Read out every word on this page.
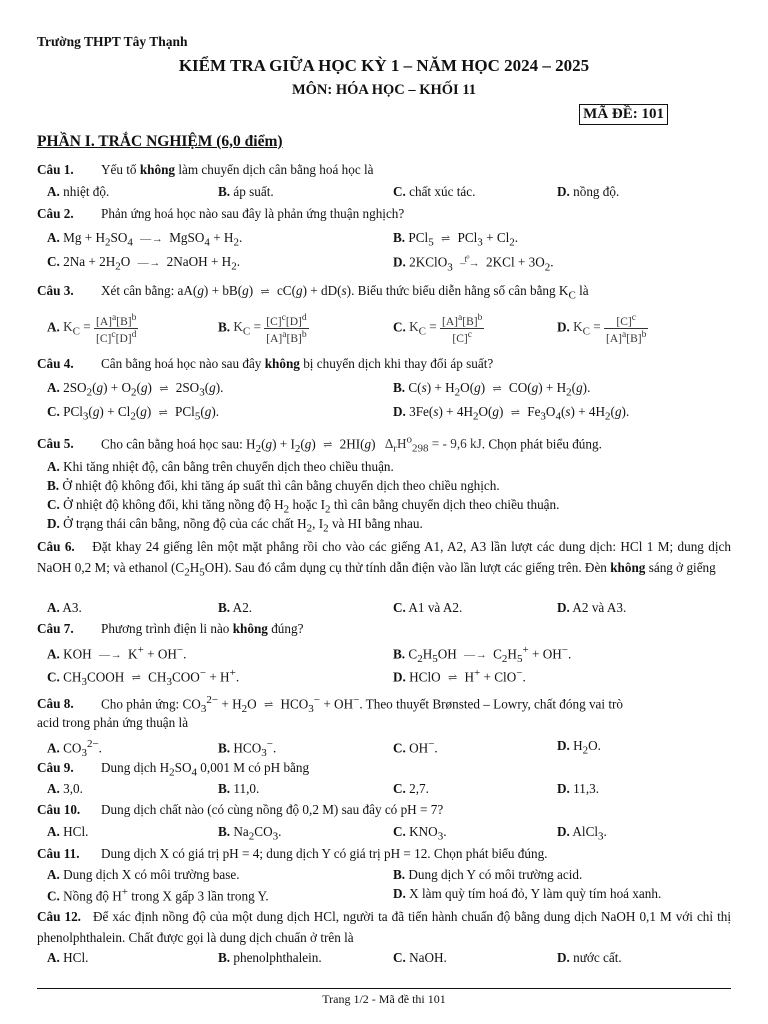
Trường THPT Tây Thạnh
KIỂM TRA GIỮA HỌC KỲ 1 – NĂM HỌC 2024 – 2025
MÔN: HÓA HỌC – KHỐI 11
MÃ ĐỀ: 101
PHẦN I. TRẮC NGHIỆM (6,0 điểm)
Câu 1. Yếu tố không làm chuyển dịch cân bằng hoá học là
A. nhiệt độ.	B. áp suất.	C. chất xúc tác.	D. nồng độ.
Câu 2. Phản ứng hoá học nào sau đây là phản ứng thuận nghịch?
A. $Mg + H_2SO_4$ — → MgSO$_4$ + $H_2$.	B. PCl$_5$ ⇌ $PCl_3 + Cl_2$.
C. $2Na + 2H_2O$ — → 2NaOH + $H_2$.	D. 2KClO$_3$ $-^{t^\circ}\to 2KCl + 3O_2$.
Câu 3. Xét cân bằng: aA(g) + bB(g) ⇌ cC(g) + dD(s). Biểu thức biểu diễn hằng số cân bằng $K_C$ là
A. $K_C = \frac{[A]^a[B]^b}{[C]^c[D]^d}$	B. $K_C = \frac{[C]^c[D]^d}{[A]^a[B]^b}$	C. $K_C = \frac{[A]^a[B]^b}{[C]^c}$	D. $K_C = \frac{[C]^c}{[A]^a[B]^b}$
Câu 4. Cân bằng hoá học nào sau đây không bị chuyển dịch khi thay đổi áp suất?
A. $2SO_2(g) + O_2(g)$ ⇌ $2SO_3(g)$.	B. $C(s) + H_2O(g)$ ⇌ $CO(g) + H_2(g)$.
C. $PCl_3(g) + Cl_2(g)$ ⇌ PCl$_5$(g).	D. $3Fe(s) + 4H_2O(g)$ ⇌ $Fe_3O_4(s) + 4H_2(g)$.
Câu 5. Cho cân bằng hoá học sau: $H_2(g) + I_2(g)$ ⇌ 2HI(g) $\Delta_rH^o_{298}$ = - 9,6 kJ. Chọn phát biểu đúng.
A. Khi tăng nhiệt độ, cân bằng trên chuyển dịch theo chiều thuận.
B. Ở nhiệt độ không đổi, khi tăng áp suất thì cân bằng chuyển dịch theo chiều nghịch.
C. Ở nhiệt độ không đổi, khi tăng nồng độ $H_2$ hoặc $I_2$ thì cân bằng chuyển dịch theo chiều thuận.
D. Ở trạng thái cân bằng, nồng độ của các chất $H_2$, $I_2$ và HI bằng nhau.
Câu 6. Đặt khay 24 giếng lên một mặt phẳng rồi cho vào các giếng A1, A2, A3 lần lượt các dung dịch: HCl 1 M; dung dịch NaOH 0,2 M; và ethanol $(C_2H_5OH)$. Sau đó cắm dụng cụ thử tính dẫn điện vào lần lượt các giếng trên. Đèn không sáng ở giếng
A. A3.	B. A2.	C. A1 và A2.	D. A2 và A3.
Câu 7. Phương trình điện li nào không đúng?
A. KOH — → K+ + OH−.	B. $C_2H_5OH$ — → $C_2H_5^+ + OH^-$.
C. $CH_3COOH$ ⇌ $CH_3COO^- + H^+$.	D. HClO ⇌ H+ + ClO−.
Câu 8. Cho phản ứng: $CO_3^{2-} + H_2O$ ⇌ $HCO_3^- + OH^-$. Theo thuyết Brønsted – Lowry, chất đóng vai trò
acid trong phản ứng thuận là
A. $CO_3^{2-}$.	B. $HCO_3^-$.	C. OH−.	D. $H_2O$.
Câu 9. Dung dịch $H_2SO_4$ 0,001 M có pH bằng
A. 3,0.	B. 11,0.	C. 2,7.	D. 11,3.
Câu 10. Dung dịch chất nào (có cùng nồng độ 0,2 M) sau đây có pH = 7?
A. HCl.	B. $Na_2CO_3$.	C. $KNO_3$.	D. AlCl$_3$.
Câu 11. Dung dịch X có giá trị pH = 4; dung dịch Y có giá trị pH = 12. Chọn phát biểu đúng.
A. Dung dịch X có môi trường base.	B. Dung dịch Y có môi trường acid.
C. Nồng độ H+ trong X gấp 3 lần trong Y.	D. X làm quỳ tím hoá đỏ, Y làm quỳ tím hoá xanh.
Câu 12. Để xác định nồng độ của một dung dịch HCl, người ta đã tiến hành chuẩn độ bằng dung dịch NaOH 0,1 M với chỉ thị phenolphthalein. Chất được gọi là dung dịch chuẩn ở trên là
A. HCl.	B. phenolphthalein.	C. NaOH.	D. nước cất.
Trang 1/2 - Mã đề thi 101
